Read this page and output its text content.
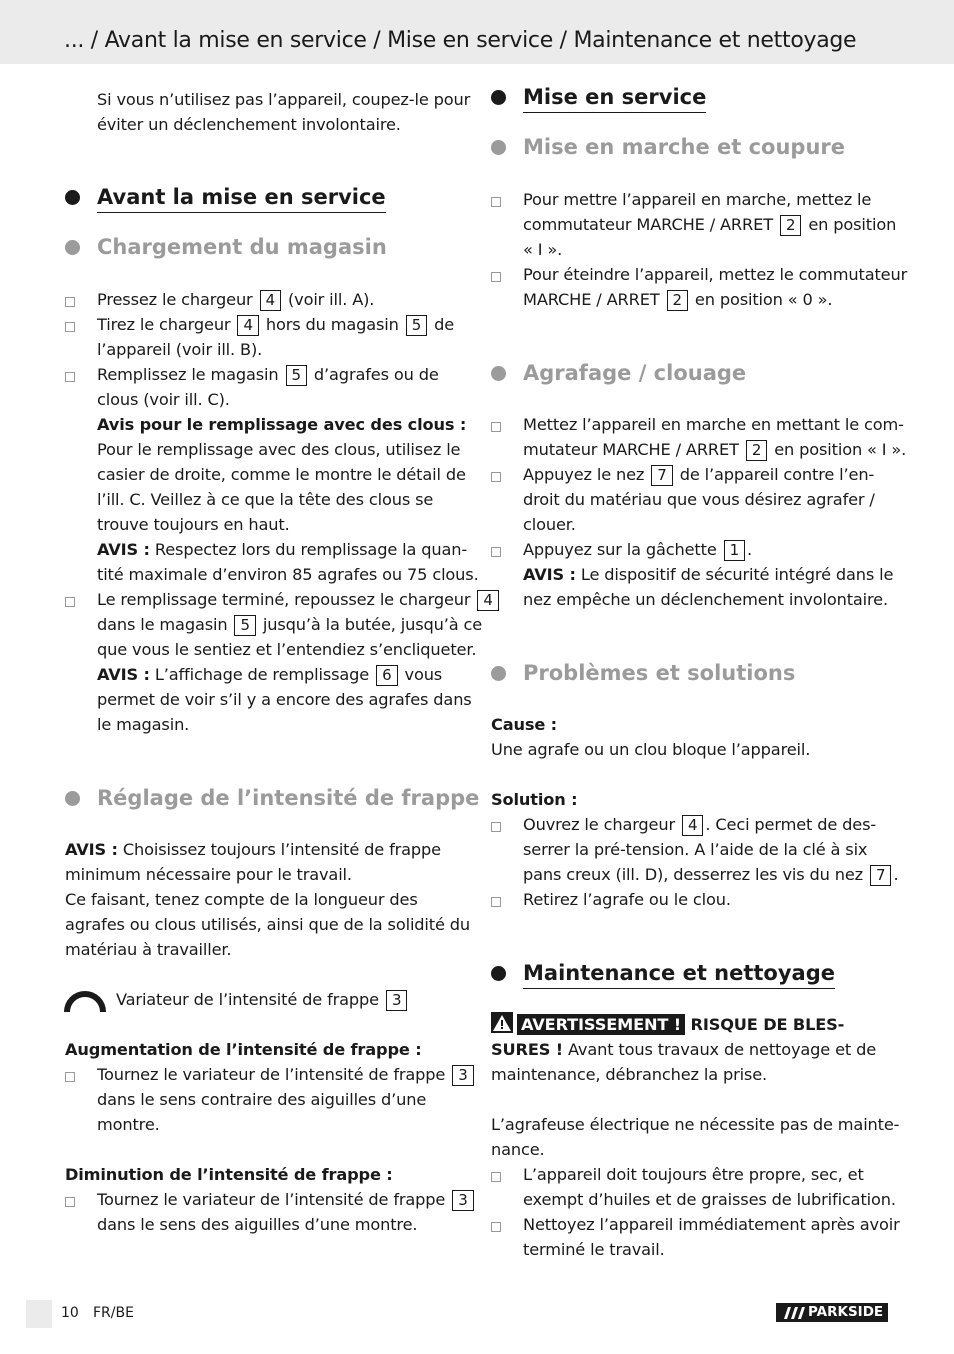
... / Avant la mise en service / Mise en service / Maintenance et nettoyage
Si vous n’utilisez pas l’appareil, coupez-le pour
éviter un déclenchement involontaire.
Avant la mise en service
Chargement du magasin
Pressez le chargeur 4 (voir ill. A).
Tirez le chargeur 4 hors du magasin 5 de
l’appareil (voir ill. B).
Remplissez le magasin 5 d’agrafes ou de
clous (voir ill. C).
Avis pour le remplissage avec des clous :
Pour le remplissage avec des clous, utilisez le
casier de droite, comme le montre le détail de
l’ill. C. Veillez à ce que la tête des clous se
trouve toujours en haut.
AVIS : Respectez lors du remplissage la quan-
tité maximale d’environ 85 agrafes ou 75 clous.
Le remplissage terminé, repoussez le chargeur 4
dans le magasin 5 jusqu’à la butée, jusqu’à ce
que vous le sentiez et l’entendiez s’encliqueter.
AVIS : L’affichage de remplissage 6 vous
permet de voir s’il y a encore des agrafes dans
le magasin.
Réglage de l’intensité de frappe
AVIS : Choisissez toujours l’intensité de frappe
minimum nécessaire pour le travail.
Ce faisant, tenez compte de la longueur des
agrafes ou clous utilisés, ainsi que de la solidité du
matériau à travailler.
Variateur de l’intensité de frappe 3
Augmentation de l’intensité de frappe :
Tournez le variateur de l’intensité de frappe 3
dans le sens contraire des aiguilles d’une
montre.
Diminution de l’intensité de frappe :
Tournez le variateur de l’intensité de frappe 3
dans le sens des aiguilles d’une montre.
Mise en service
Mise en marche et coupure
Pour mettre l’appareil en marche, mettez le
commutateur MARCHE / ARRET 2 en position
« I ».
Pour éteindre l’appareil, mettez le commutateur
MARCHE / ARRET 2 en position « 0 ».
Agrafage / clouage
Mettez l’appareil en marche en mettant le com-
mutateur MARCHE / ARRET 2 en position « I ».
Appuyez le nez 7 de l’appareil contre l’en-
droit du matériau que vous désirez agrafer /
clouer.
Appuyez sur la gâchette 1 .
AVIS : Le dispositif de sécurité intégré dans le
nez empêche un déclenchement involontaire.
Problèmes et solutions
Cause :
Une agrafe ou un clou bloque l’appareil.
Solution :
Ouvrez le chargeur 4 . Ceci permet de des-
serrer la pré-tension. A l’aide de la clé à six
pans creux (ill. D), desserrez les vis du nez 7 .
Retirez l’agrafe ou le clou.
Maintenance et nettoyage
AVERTISSEMENT ! RISQUE DE BLES-
SURES ! Avant tous travaux de nettoyage et de
maintenance, débranchez la prise.
L’agrafeuse électrique ne nécessite pas de mainte-
nance.
L’appareil doit toujours être propre, sec, et
exempt d’huiles et de graisses de lubrification.
Nettoyez l’appareil immédiatement après avoir
terminé le travail.
10 FR/BE	PARKSIDE
